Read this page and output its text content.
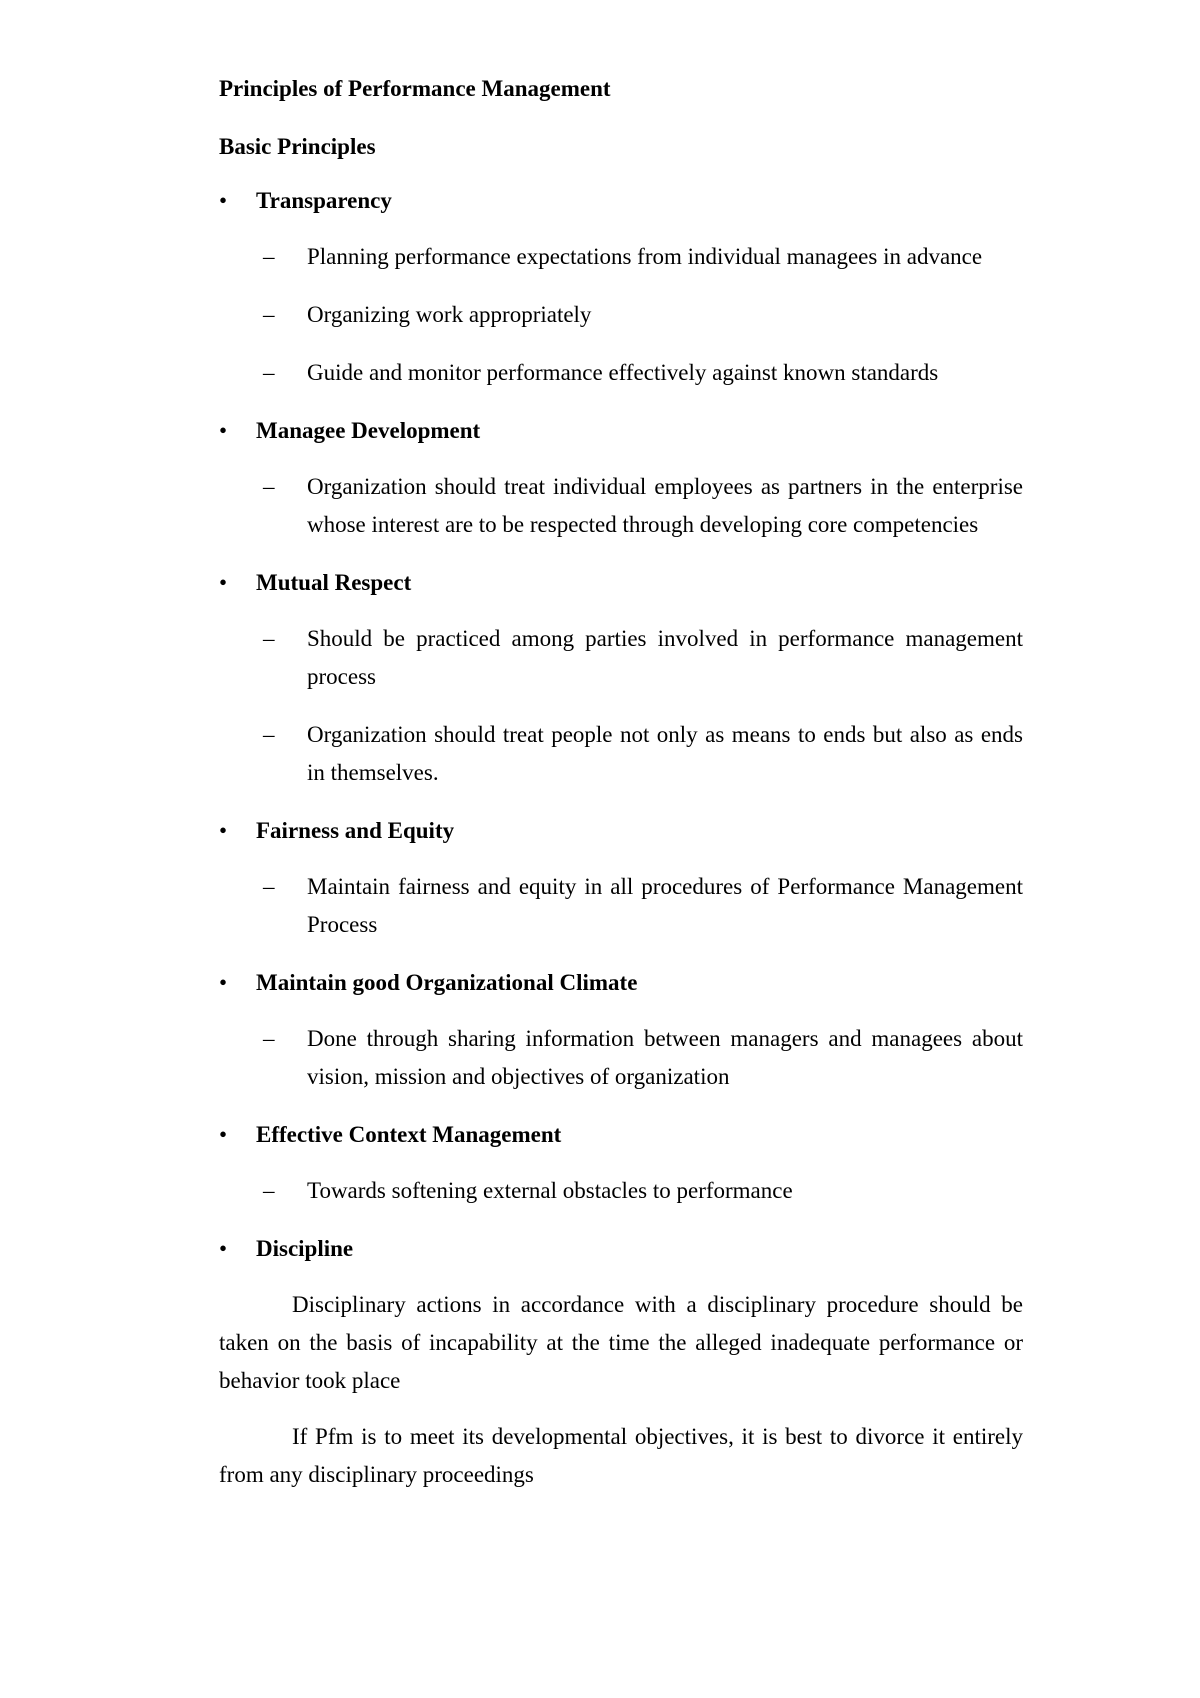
Principles of Performance Management

Basic Principles

•	Transparency
–	Planning performance expectations from individual managees in advance
–	Organizing work appropriately
–	Guide and monitor performance effectively against known standards
•	Managee Development
–	Organization should treat individual employees as partners in the enterprise whose interest are to be respected through developing core competencies
•	Mutual Respect
–	Should be practiced among parties involved in performance management process
–	Organization should treat people not only as means to ends but also as ends in themselves.
•	Fairness and Equity
–	Maintain fairness and equity in all procedures of Performance Management Process
•	Maintain good Organizational Climate
–	Done through sharing information between managers and managees about vision, mission and objectives of organization
•	Effective Context Management
–	Towards softening external obstacles to performance
•	Discipline

Disciplinary actions in accordance with a disciplinary procedure should be taken on the basis of incapability at the time the alleged inadequate performance or behavior took place

If Pfm is to meet its developmental objectives, it is best to divorce it entirely from any disciplinary proceedings
